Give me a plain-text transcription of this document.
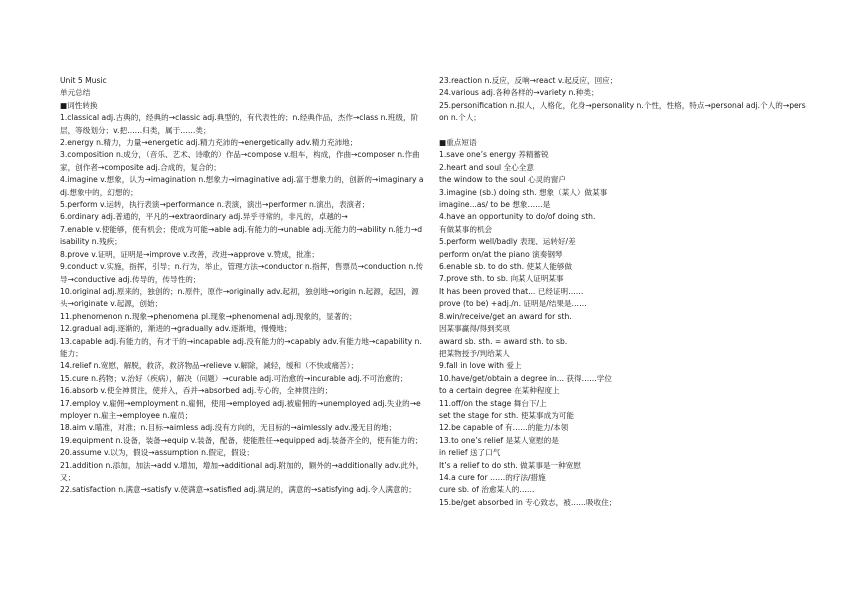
Unit 5 Music
单元总结
■词性转换
1.classical adj.古典的，经典的→classic adj.典型的，有代表性的；n.经典作品，杰作→class n.班级，阶层，等级划分；v.把……归类，属于……类；
2.energy n.精力，力量→energetic adj.精力充沛的→energetically adv.精力充沛地；
3.composition n.成分，（音乐、艺术、诗歌的）作品→compose v.组车，构成，作曲→composer n.作曲家，创作者→composite adj.合成的，复合的；
4.imagine v.想象，认为→imagination n.想象力→imaginative adj.富于想象力的，创新的→imaginary adj.想象中的，幻想的；
5.perform v.运转，执行表演→performance n.表演，演出→performer n.演出，表演者；
6.ordinary adj.普通的，平凡的→extraordinary adj.异乎寻常的，非凡的，卓越的→
7.enable v.使能够，使有机会；使成为可能→able adj.有能力的→unable adj.无能力的→ability n.能力→disability n.残疾；
8.prove v.证明，证明是→improve v.改善，改进→approve v.赞成，批准；
9.conduct v.实施，指挥，引导；n.行为，举止，管理方法→conductor n.指挥，售票员→conduction n.传导→conductive adj.传导的，传导性的；
10.original adj.原来的，独创的；n.原件，原作→originally adv.起初，独创地→origin n.起源，起因，源头→originate v.起源，创始；
11.phenomenon n.现象→phenomena pl.现象→phenomenal adj.现象的，显著的；
12.gradual adj.逐渐的，渐进的→gradually adv.逐渐地，慢慢地；
13.capable adj.有能力的，有才干的→incapable adj.没有能力的→capably adv.有能力地→capability n.能力；
14.relief n.宽慰，解脱，救济，救济物品→relieve v.解除，减轻，缓和（不快或痛苦）；
15.cure n.药物；v.治好（疾病），解决（问题）→curable adj.可治愈的→incurable adj.不可治愈的；
16.absorb v.使全神贯注，使并入，吞并→absorbed adj.专心的，全神贯注的；
17.employ v.雇佣→employment n.雇佣，使用→employed adj.被雇佣的→unemployed adj.失业的→employer n.雇主→employee n.雇员；
18.aim v.瞄准，对准；n.目标→aimless adj.没有方向的，无目标的→aimlessly adv.漫无目的地；
19.equipment n.设备，装备→equip v.装备，配备，使能胜任→equipped adj.装备齐全的，使有能力的；
20.assume v.以为，假设→assumption n.假定，假设；
21.addition n.添加，加法→add v.增加，增加→additional adj.附加的，额外的→additionally adv.此外，又；
22.satisfaction n.满意→satisfy v.使满意→satisfied adj.满足的，满意的→satisfying adj.令人满意的；
23.reaction n.反应，反响→react v.起反应，回应；
24.various adj.各种各样的→variety n.种类；
25.personification n.拟人，人格化，化身→personality n.个性，性格，特点→personal adj.个人的→person n.个人；
■重点短语
1.save one’s energy 养精蓄锐
2.heart and soul 全心全意
the window to the soul 心灵的窗户
3.imagine (sb.) doing sth. 想象（某人）做某事
imagine...as/ to be 想象……是
4.have an opportunity to do/of doing sth.
有做某事的机会
5.perform well/badly 表现、运转好/差
perform on/at the piano 演奏钢琴
6.enable sb. to do sth. 使某人能够做
7.prove sth. to sb. 向某人证明某事
It has been proved that... 已经证明……
prove (to be) +adj./n. 证明是/结果是……
8.win/receive/get an award for sth.
因某事赢得/得到奖项
award sb. sth. = award sth. to sb.
把某物授予/判给某人
9.fall in love with 爱上
10.have/get/obtain a degree in... 获得……学位
to a certain degree 在某种程度上
11.off/on the stage 舞台下/上
set the stage for sth. 使某事成为可能
12.be capable of 有……的能力/本领
13.to one’s relief 是某人宽慰的是
in relief 送了口气
It’s a relief to do sth. 做某事是一种宽慰
14.a cure for ……的疗法/措施
cure sb. of 治愈某人的……
15.be/get absorbed in 专心致志，被……吸收住；
